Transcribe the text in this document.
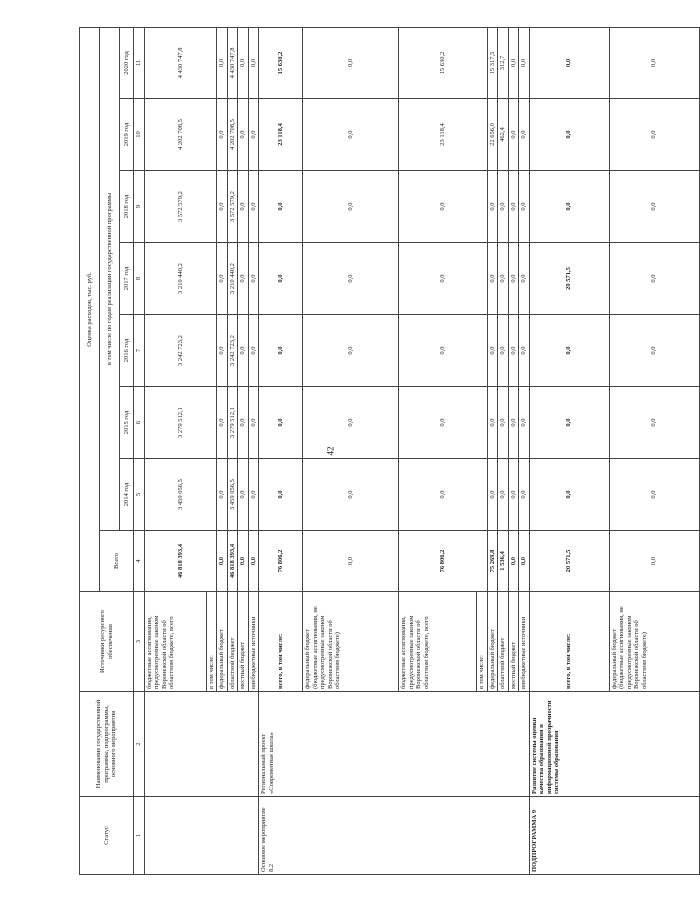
42
Статус	Наименование государственной программы, подпрограммы, основного мероприятия	Источники ресурсного обеспечения	Оценка расходов, тыс. руб.							
			Всего	в том числе по годам реализации государственной программы						
				2014 год	2015 год	2016 год	2017 год	2018 год	2019 год	2020 год
1	2	3	4	5	6	7	8	9	10	11
		бюджетные ассигнования, предусмотренные законом Воронежской области об областном бюджете, всего	46 818 393,4	3 459 056,5	3 279 512,1	3 242 723,2	3 210 440,2	3 572 579,2	4 202 708,5	4 430 747,8
		в том числе:								
		федеральный бюджет	0,0	0,0	0,0	0,0	0,0	0,0	0,0	0,0
		областной бюджет	46 818 393,4	3 459 056,5	3 279 512,1	3 242 723,2	3 210 440,2	3 572 579,2	4 202 708,5	4 430 747,8
		местный бюджет	0,0	0,0	0,0	0,0	0,0	0,0	0,0	0,0
		внебюджетные источники	0,0	0,0	0,0	0,0	0,0	0,0	0,0	0,0
Основное мероприятие 8.2	Региональный проект «Современная школа»	всего, в том числе:	76 806,2	0,0	0,0	0,0	0,0	0,0	23 118,4	15 630,2
		федеральный бюджет (бюджетные ассигнования, не предусмотренные законом Воронежской области об областном бюджете)	0,0	0,0	0,0	0,0	0,0	0,0	0,0	0,0
		бюджетные ассигнования, предусмотренные законом Воронежской области об областном бюджете, всего	76 806,2	0,0	0,0	0,0	0,0	0,0	23 118,4	15 630,2
		в том числе:								
		федеральный бюджет	75 269,8	0,0	0,0	0,0	0,0	0,0	22 656,0	15 317,5
		областной бюджет	1 536,4	0,0	0,0	0,0	0,0	0,0	462,4	312,7
		местный бюджет	0,0	0,0	0,0	0,0	0,0	0,0	0,0	0,0
		внебюджетные источники	0,0	0,0	0,0	0,0	0,0	0,0	0,0	0,0
ПОДПРОГРАММА 9	Развитие системы оценки качества образования и информационной прозрачности системы образования	всего, в том числе:	20 571,5	0,0	0,0	0,0	20 571,5	0,0	0,0	0,0
		федеральный бюджет (бюджетные ассигнования, не предусмотренные законом Воронежской области об областном бюджете)	0,0	0,0	0,0	0,0	0,0	0,0	0,0	0,0
